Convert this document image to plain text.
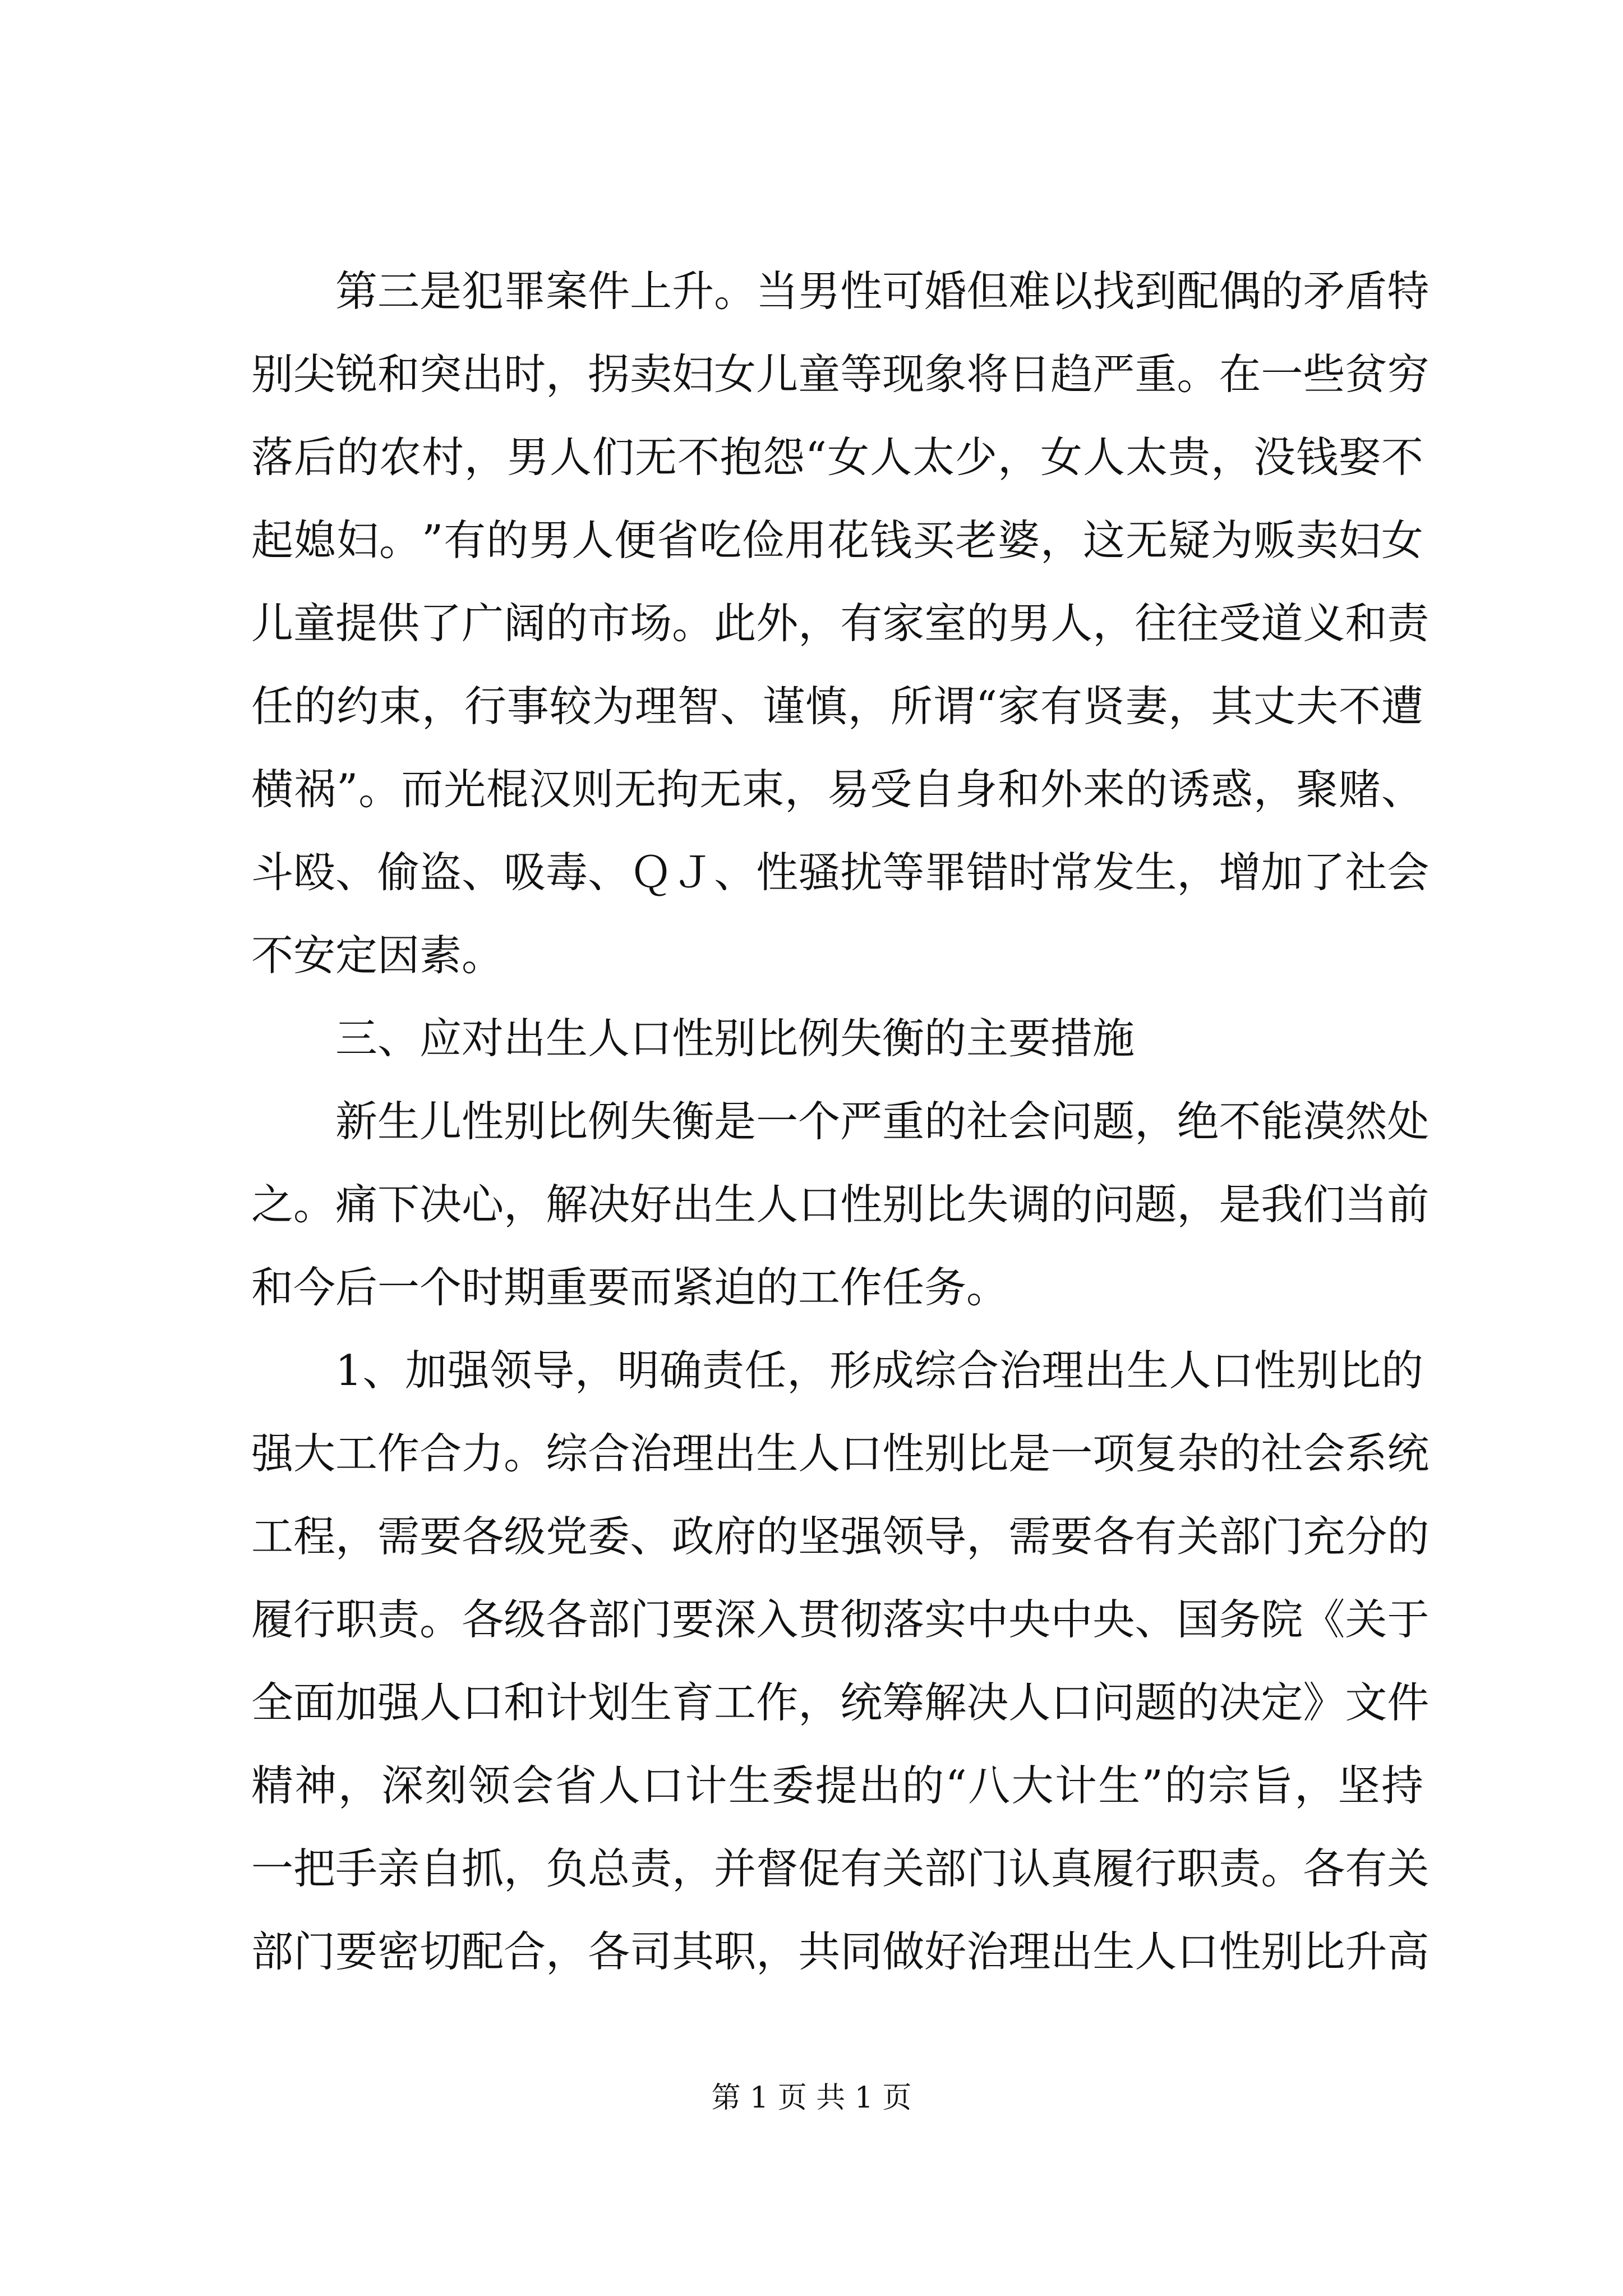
第 三 是 犯 罪 案 件 上 升 。 当 男 性 可 婚 但 难 以 找 到 配 偶 的 矛 盾 特
别 尖 锐 和 突 出 时 ， 拐 卖 妇 女 儿 童 等 现 象 将 日 趋 严 重 。 在 一 些 贫 穷
落 后 的 农 村 ， 男 人 们 无 不 抱 怨 “ 女 人 太 少 ， 女 人 太 贵 ， 没 钱 娶 不
起 媳 妇 。 ” 有 的 男 人 便 省 吃 俭 用 花 钱 买 老 婆 ， 这 无 疑 为 贩 卖 妇 女
儿 童 提 供 了 广 阔 的 市 场 。 此 外 ， 有 家 室 的 男 人 ， 往 往 受 道 义 和 责
任 的 约 束 ， 行 事 较 为 理 智 、 谨 慎 ， 所 谓 “ 家 有 贤 妻 ， 其 丈 夫 不 遭
横 祸 ” 。 而 光 棍 汉 则 无 拘 无 束 ， 易 受 自 身 和 外 来 的 诱 惑 ， 聚 赌 、
斗 殴 、 偷 盗 、 吸 毒 、 Ｑ Ｊ 、 性 骚 扰 等 罪 错 时 常 发 生 ， 增 加 了 社 会
不安定因素。
三、应对出生人口性别比例失衡的主要措施
新 生 儿 性 别 比 例 失 衡 是 一 个 严 重 的 社 会 问 题 ， 绝 不 能 漠 然 处
之 。 痛 下 决 心 ， 解 决 好 出 生 人 口 性 别 比 失 调 的 问 题 ， 是 我 们 当 前
和今后一个时期重要而紧迫的工作任务。
1 、 加 强 领 导 ， 明 确 责 任 ， 形 成 综 合 治 理 出 生 人 口 性 别 比 的
强 大 工 作 合 力 。 综 合 治 理 出 生 人 口 性 别 比 是 一 项 复 杂 的 社 会 系 统
工 程 ， 需 要 各 级 党 委 、 政 府 的 坚 强 领 导 ， 需 要 各 有 关 部 门 充 分 的
履 行 职 责 。 各 级 各 部 门 要 深 入 贯 彻 落 实 中 央 中 央 、 国 务 院 《 关 于
全 面 加 强 人 口 和 计 划 生 育 工 作 ， 统 筹 解 决 人 口 问 题 的 决 定 》 文 件
精 神 ， 深 刻 领 会 省 人 口 计 生 委 提 出 的 “ 八 大 计 生 ” 的 宗 旨 ， 坚 持
一 把 手 亲 自 抓 ， 负 总 责 ， 并 督 促 有 关 部 门 认 真 履 行 职 责 。 各 有 关
部 门 要 密 切 配 合 ， 各 司 其 职 ， 共 同 做 好 治 理 出 生 人 口 性 别 比 升 高
第 1 页 共 1 页
